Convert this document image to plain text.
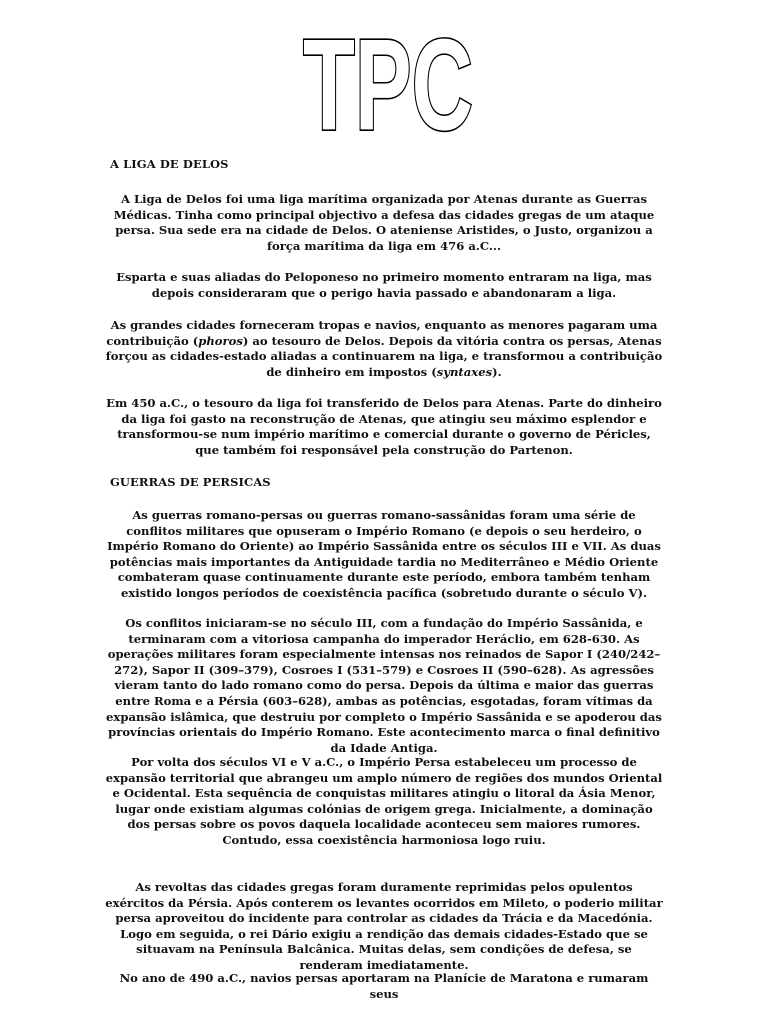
TPC
A LIGA DE DELOS
A Liga de Delos foi uma liga marítima organizada por Atenas durante as Guerras Médicas. Tinha como principal objectivo a defesa das cidades gregas de um ataque persa. Sua sede era na cidade de Delos. O ateniense Aristides, o Justo, organizou a força marítima da liga em 476 a.C...
Esparta e suas aliadas do Peloponeso no primeiro momento entraram na liga, mas depois consideraram que o perigo havia passado e abandonaram a liga.
As grandes cidades forneceram tropas e navios, enquanto as menores pagaram uma contribuição (phoros) ao tesouro de Delos. Depois da vitória contra os persas, Atenas forçou as cidades-estado aliadas a continuarem na liga, e transformou a contribuição de dinheiro em impostos (syntaxes).
Em 450 a.C., o tesouro da liga foi transferido de Delos para Atenas. Parte do dinheiro da liga foi gasto na reconstrução de Atenas, que atingiu seu máximo esplendor e transformou-se num império marítimo e comercial durante o governo de Péricles, que também foi responsável pela construção do Partenon.
GUERRAS DE PERSICAS
As guerras romano-persas ou guerras romano-sassânidas foram uma série de conflitos militares que opuseram o Império Romano (e depois o seu herdeiro, o Império Romano do Oriente) ao Império Sassânida entre os séculos III e VII. As duas potências mais importantes da Antiguidade tardia no Mediterrâneo e Médio Oriente combateram quase continuamente durante este período, embora também tenham existido longos períodos de coexistência pacífica (sobretudo durante o século V).
Os conflitos iniciaram-se no século III, com a fundação do Império Sassânida, e terminaram com a vitoriosa campanha do imperador Heráclio, em 628-630. As operações militares foram especialmente intensas nos reinados de Sapor I (240/242–272), Sapor II (309–379), Cosroes I (531–579) e Cosroes II (590–628). As agressões vieram tanto do lado romano como do persa. Depois da última e maior das guerras entre Roma e a Pérsia (603–628), ambas as potências, esgotadas, foram vítimas da expansão islâmica, que destruiu por completo o Império Sassânida e se apoderou das províncias orientais do Império Romano. Este acontecimento marca o final definitivo da Idade Antiga.
Por volta dos séculos VI e V a.C., o Império Persa estabeleceu um processo de expansão territorial que abrangeu um amplo número de regiões dos mundos Oriental e Ocidental. Esta sequência de conquistas militares atingiu o litoral da Ásia Menor, lugar onde existiam algumas colónias de origem grega. Inicialmente, a dominação dos persas sobre os povos daquela localidade aconteceu sem maiores rumores. Contudo, essa coexistência harmoniosa logo ruiu.
As revoltas das cidades gregas foram duramente reprimidas pelos opulentos exércitos da Pérsia. Após conterem os levantes ocorridos em Mileto, o poderio militar persa aproveitou do incidente para controlar as cidades da Trácia e da Macedónia. Logo em seguida, o rei Dário exigiu a rendição das demais cidades-Estado que se situavam na Península Balcânica. Muitas delas, sem condições de defesa, se renderam imediatamente.
No ano de 490 a.C., navios persas aportaram na Planície de Maratona e rumaram seus
